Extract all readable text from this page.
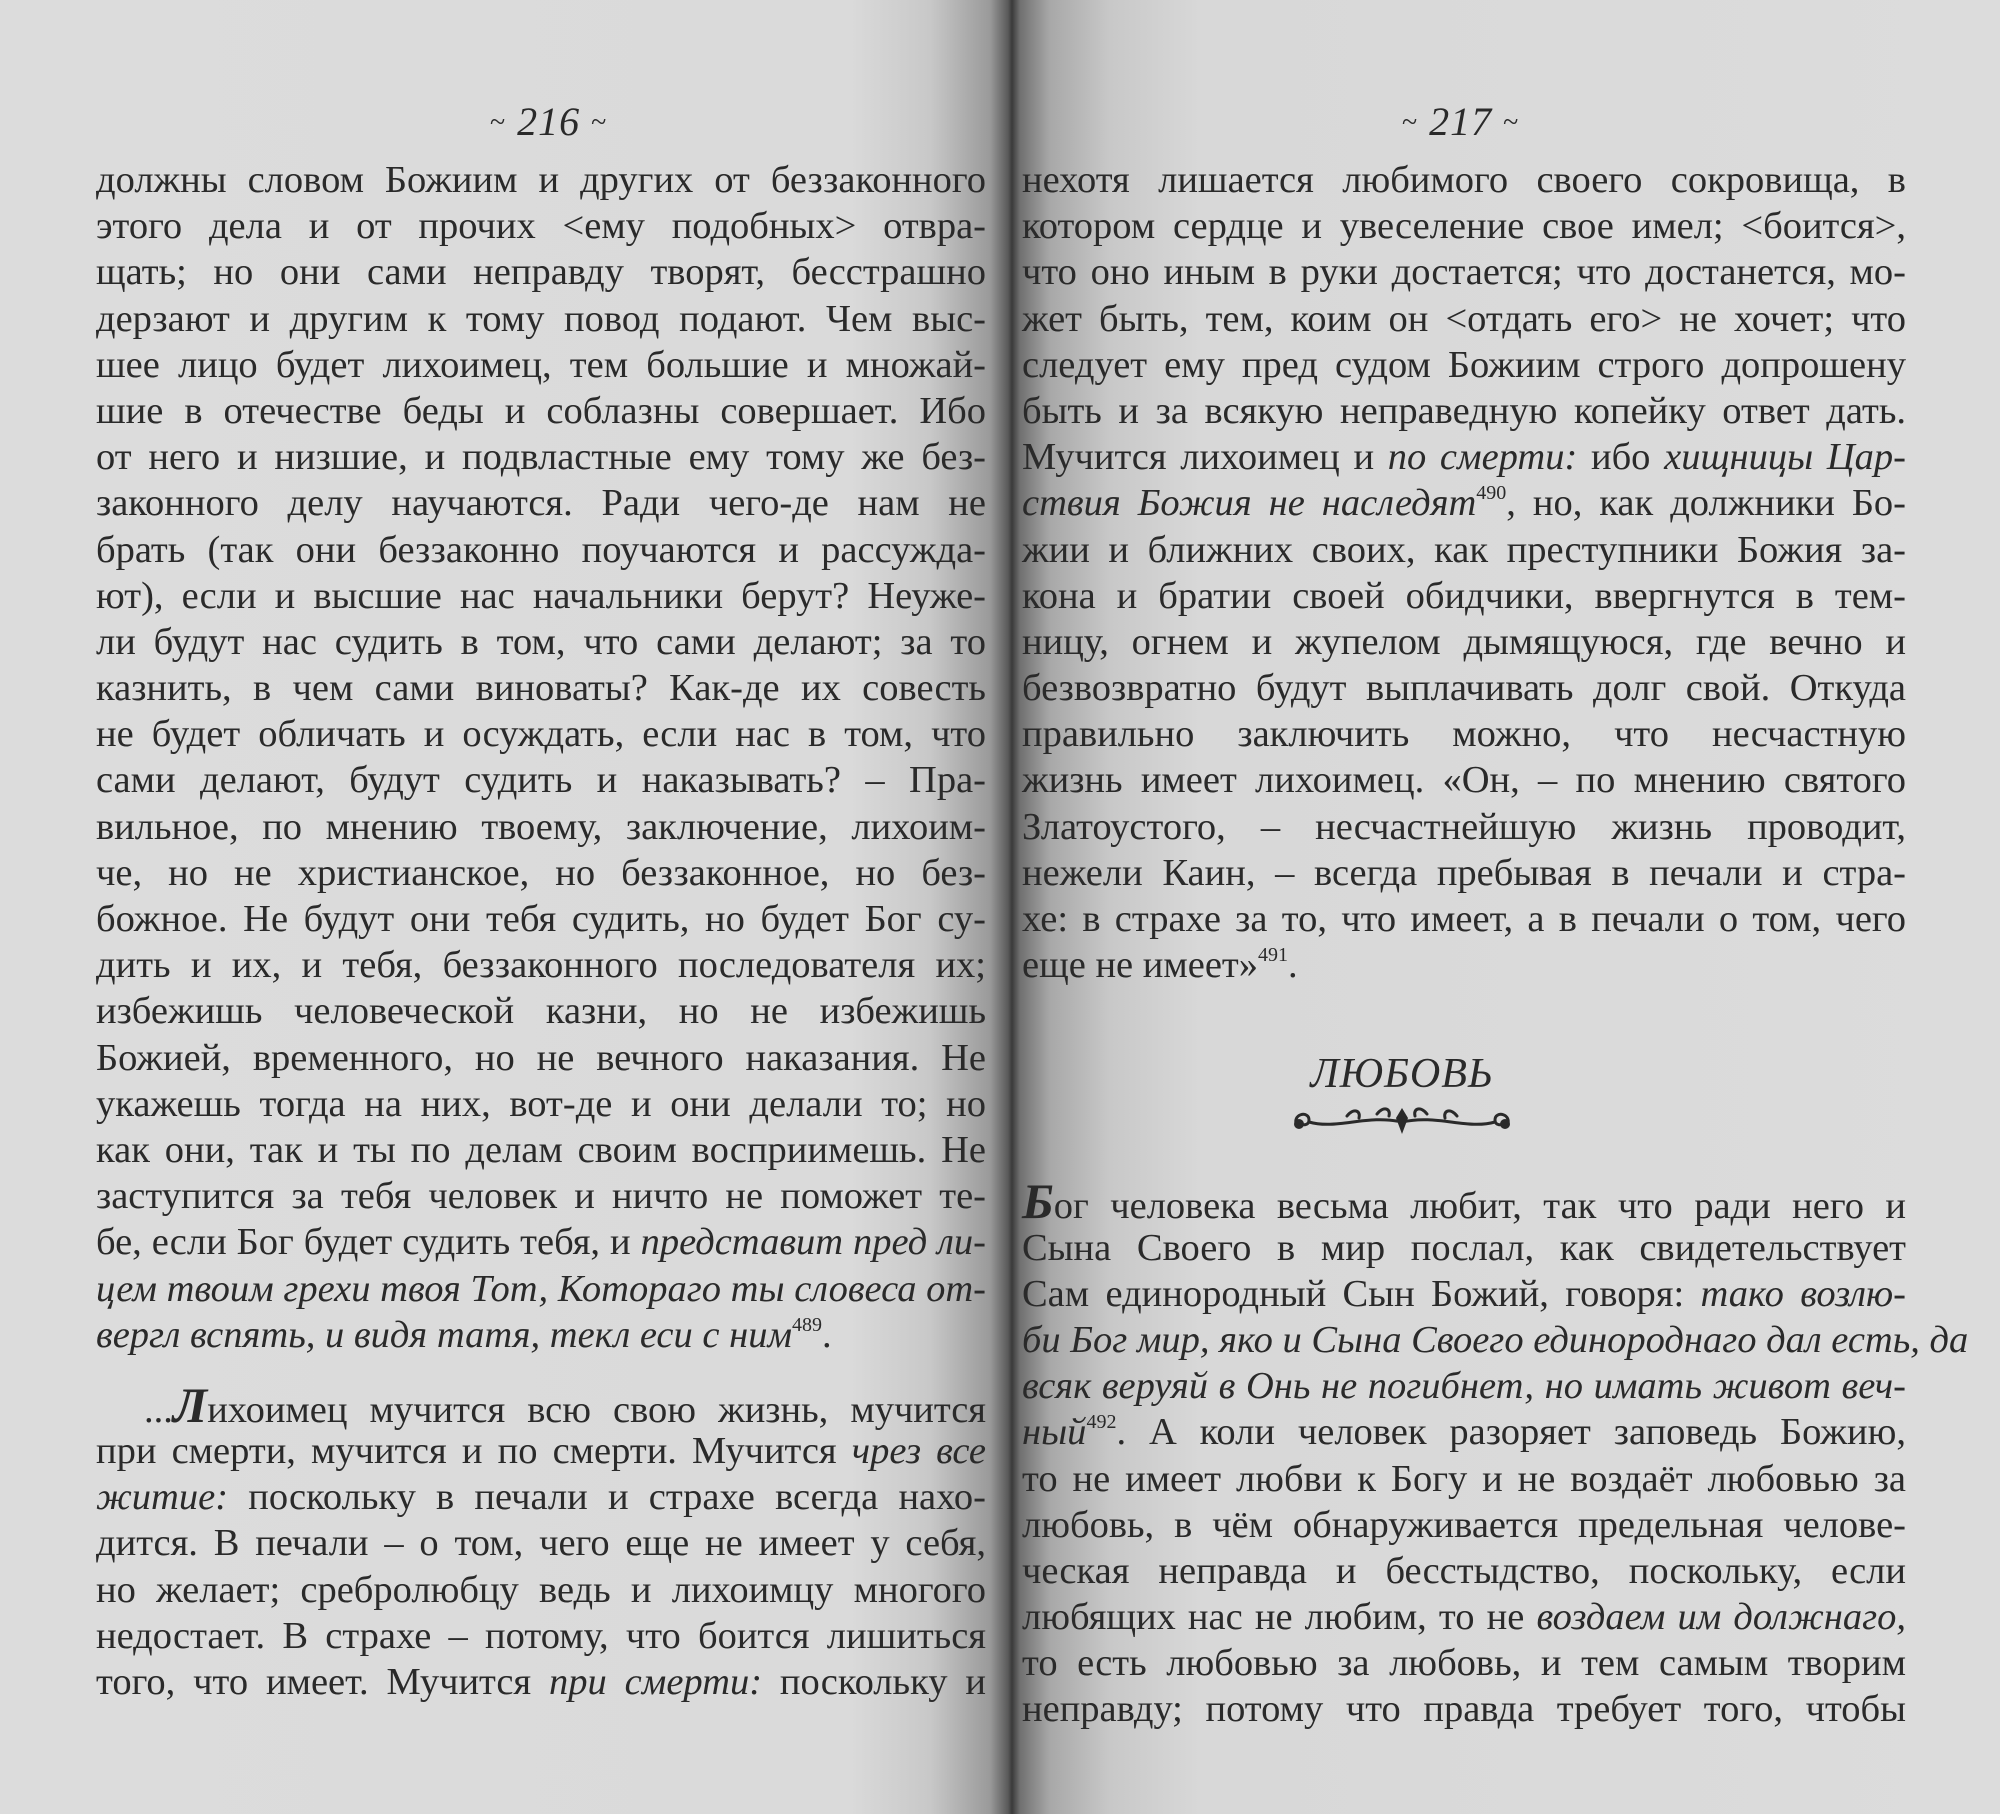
~ 216 ~
должны словом Божиим и других от беззаконного
этого дела и от прочих <ему подобных> отвра-
щать; но они сами неправду творят, бесстрашно
дерзают и другим к тому повод подают. Чем выс-
шее лицо будет лихоимец, тем большие и множай-
шие в отечестве беды и соблазны совершает. Ибо
от него и низшие, и подвластные ему тому же без-
законного делу научаются. Ради чего-де нам не
брать (так они беззаконно поучаются и рассужда-
ют), если и высшие нас начальники берут? Неуже-
ли будут нас судить в том, что сами делают; за то
казнить, в чем сами виноваты? Как-де их совесть
не будет обличать и осуждать, если нас в том, что
сами делают, будут судить и наказывать? – Пра-
вильное, по мнению твоему, заключение, лихоим-
че, но не христианское, но беззаконное, но без-
божное. Не будут они тебя судить, но будет Бог су-
дить и их, и тебя, беззаконного последователя их;
избежишь человеческой казни, но не избежишь
Божией, временного, но не вечного наказания. Не
укажешь тогда на них, вот-де и они делали то; но
как они, так и ты по делам своим восприимешь. Не
заступится за тебя человек и ничто не поможет те-
бе, если Бог будет судить тебя, и представит пред ли-
цем твоим грехи твоя Тот, Котораго ты словеса от-
вергл вспять, и видя татя, текл еси с ним$^{489}$.
...Лихоимец мучится всю свою жизнь, мучится
при смерти, мучится и по смерти. Мучится чрез все
житие: поскольку в печали и страхе всегда нахо-
дится. В печали – о том, чего еще не имеет у себя,
но желает; сребролюбцу ведь и лихоимцу многого
недостает. В страхе – потому, что боится лишиться
того, что имеет. Мучится при смерти: поскольку и
~ 217 ~
нехотя лишается любимого своего сокровища, в
котором сердце и увеселение свое имел; <боится>,
что оно иным в руки достается; что достанется, мо-
жет быть, тем, коим он <отдать его> не хочет; что
следует ему пред судом Божиим строго допрошену
быть и за всякую неправедную копейку ответ дать.
Мучится лихоимец и по смерти: ибо хищницы Цар-
ствия Божия не наследят$^{490}$, но, как должники Бо-
жии и ближних своих, как преступники Божия за-
кона и братии своей обидчики, ввергнутся в тем-
ницу, огнем и жупелом дымящуюся, где вечно и
безвозвратно будут выплачивать долг свой. Откуда
правильно заключить можно, что несчастную
жизнь имеет лихоимец. «Он, – по мнению святого
Златоустого, – несчастнейшую жизнь проводит,
нежели Каин, – всегда пребывая в печали и стра-
хе: в страхе за то, что имеет, а в печали о том, чего
еще не имеет»$^{491}$.
Бог человека весьма любит, так что ради него и
Сына Своего в мир послал, как свидетельствует
Сам единородный Сын Божий, говоря: тако возлю-
би Бог мир, яко и Сына Своего единороднаго дал есть, да
всяк веруяй в Онь не погибнет, но имать живот веч-
ный$^{492}$. А коли человек разоряет заповедь Божию,
то не имеет любви к Богу и не воздаёт любовью за
любовь, в чём обнаруживается предельная челове-
ческая неправда и бесстыдство, поскольку, если
любящих нас не любим, то не воздаем им должнаго,
то есть любовью за любовь, и тем самым творим
неправду; потому что правда требует того, чтобы
ЛЮБОВЬ
